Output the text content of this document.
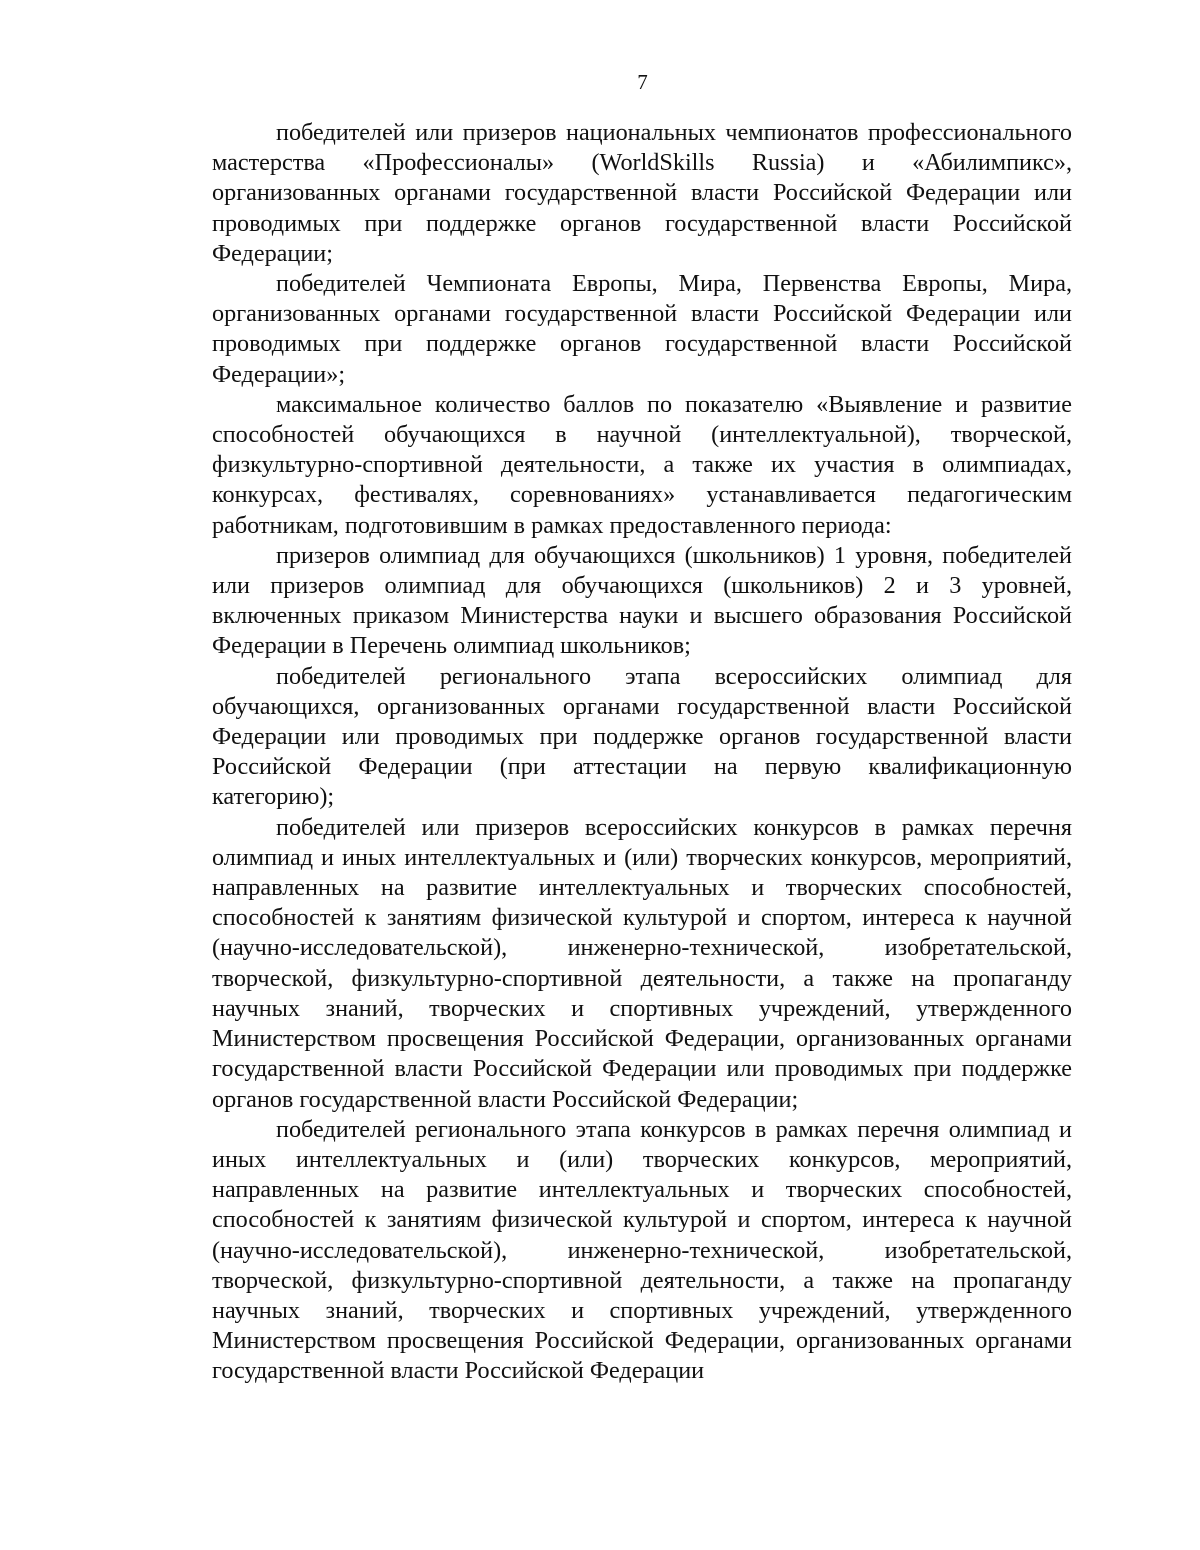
7

победителей или призеров национальных чемпионатов профессионального мастерства «Профессионалы» (WorldSkills Russia) и «Абилимпикс», организованных органами государственной власти Российской Федерации или проводимых при поддержке органов государственной власти Российской Федерации;

победителей Чемпионата Европы, Мира, Первенства Европы, Мира, организованных органами государственной власти Российской Федерации или проводимых при поддержке органов государственной власти Российской Федерации»;

максимальное количество баллов по показателю «Выявление и развитие способностей обучающихся в научной (интеллектуальной), творческой, физкультурно-спортивной деятельности, а также их участия в олимпиадах, конкурсах, фестивалях, соревнованиях» устанавливается педагогическим работникам, подготовившим в рамках предоставленного периода:

призеров олимпиад для обучающихся (школьников) 1 уровня, победителей или призеров олимпиад для обучающихся (школьников) 2 и 3 уровней, включенных приказом Министерства науки и высшего образования Российской Федерации в Перечень олимпиад школьников;

победителей регионального этапа всероссийских олимпиад для обучающихся, организованных органами государственной власти Российской Федерации или проводимых при поддержке органов государственной власти Российской Федерации (при аттестации на первую квалификационную категорию);

победителей или призеров всероссийских конкурсов в рамках перечня олимпиад и иных интеллектуальных и (или) творческих конкурсов, мероприятий, направленных на развитие интеллектуальных и творческих способностей, способностей к занятиям физической культурой и спортом, интереса к научной (научно-исследовательской), инженерно-технической, изобретательской, творческой, физкультурно-спортивной деятельности, а также на пропаганду научных знаний, творческих и спортивных учреждений, утвержденного Министерством просвещения Российской Федерации, организованных органами государственной власти Российской Федерации или проводимых при поддержке органов государственной власти Российской Федерации;

победителей регионального этапа конкурсов в рамках перечня олимпиад и иных интеллектуальных и (или) творческих конкурсов, мероприятий, направленных на развитие интеллектуальных и творческих способностей, способностей к занятиям физической культурой и спортом, интереса к научной (научно-исследовательской), инженерно-технической, изобретательской, творческой, физкультурно-спортивной деятельности, а также на пропаганду научных знаний, творческих и спортивных учреждений, утвержденного Министерством просвещения Российской Федерации, организованных органами государственной власти Российской Федерации
